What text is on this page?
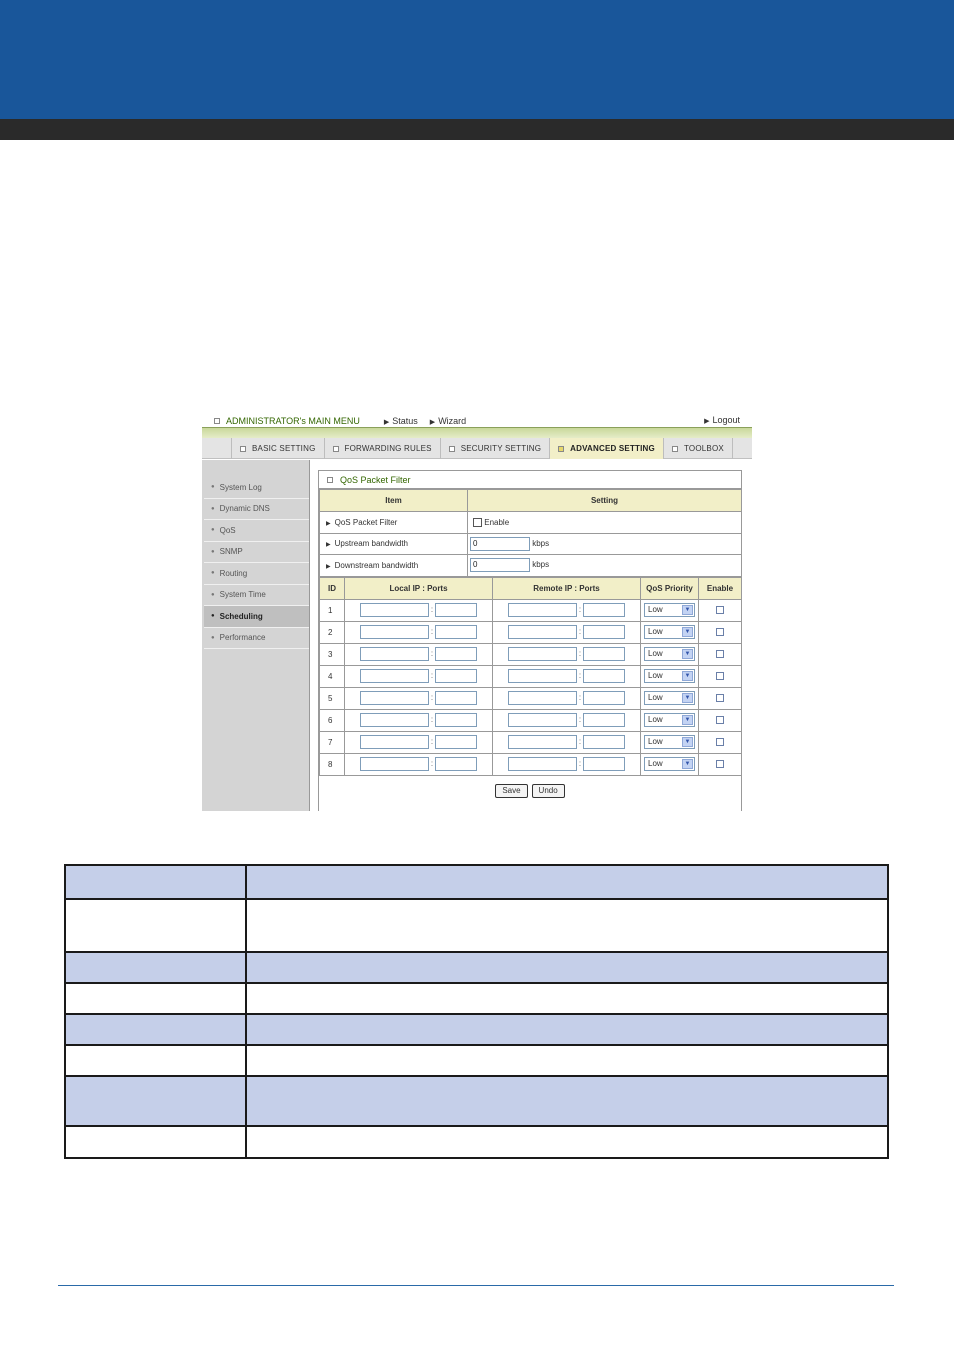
ADMINISTRATOR's MAIN MENU	▶ Status ▶ Wizard	▶ Logout
BASIC SETTING	FORWARDING RULES	SECURITY SETTING	ADVANCED SETTING	TOOLBOX
● System Log
● Dynamic DNS
● QoS
● SNMP
● Routing
● System Time
● Scheduling
● Performance
QoS Packet Filter
Item	Setting
▶ QoS Packet Filter	Enable
▶ Upstream bandwidth	0 kbps
▶ Downstream bandwidth	0 kbps
ID	Local IP : Ports	Remote IP : Ports	QoS Priority	Enable
1	:	:	Low ▼	

2	:	:	Low ▼	

3	:	:	Low ▼	

4	:	:	Low ▼	

5	:	:	Low ▼	

6	:	:	Low ▼	

7	:	:	Low ▼	

8	:	:	Low ▼	

Save	Undo
